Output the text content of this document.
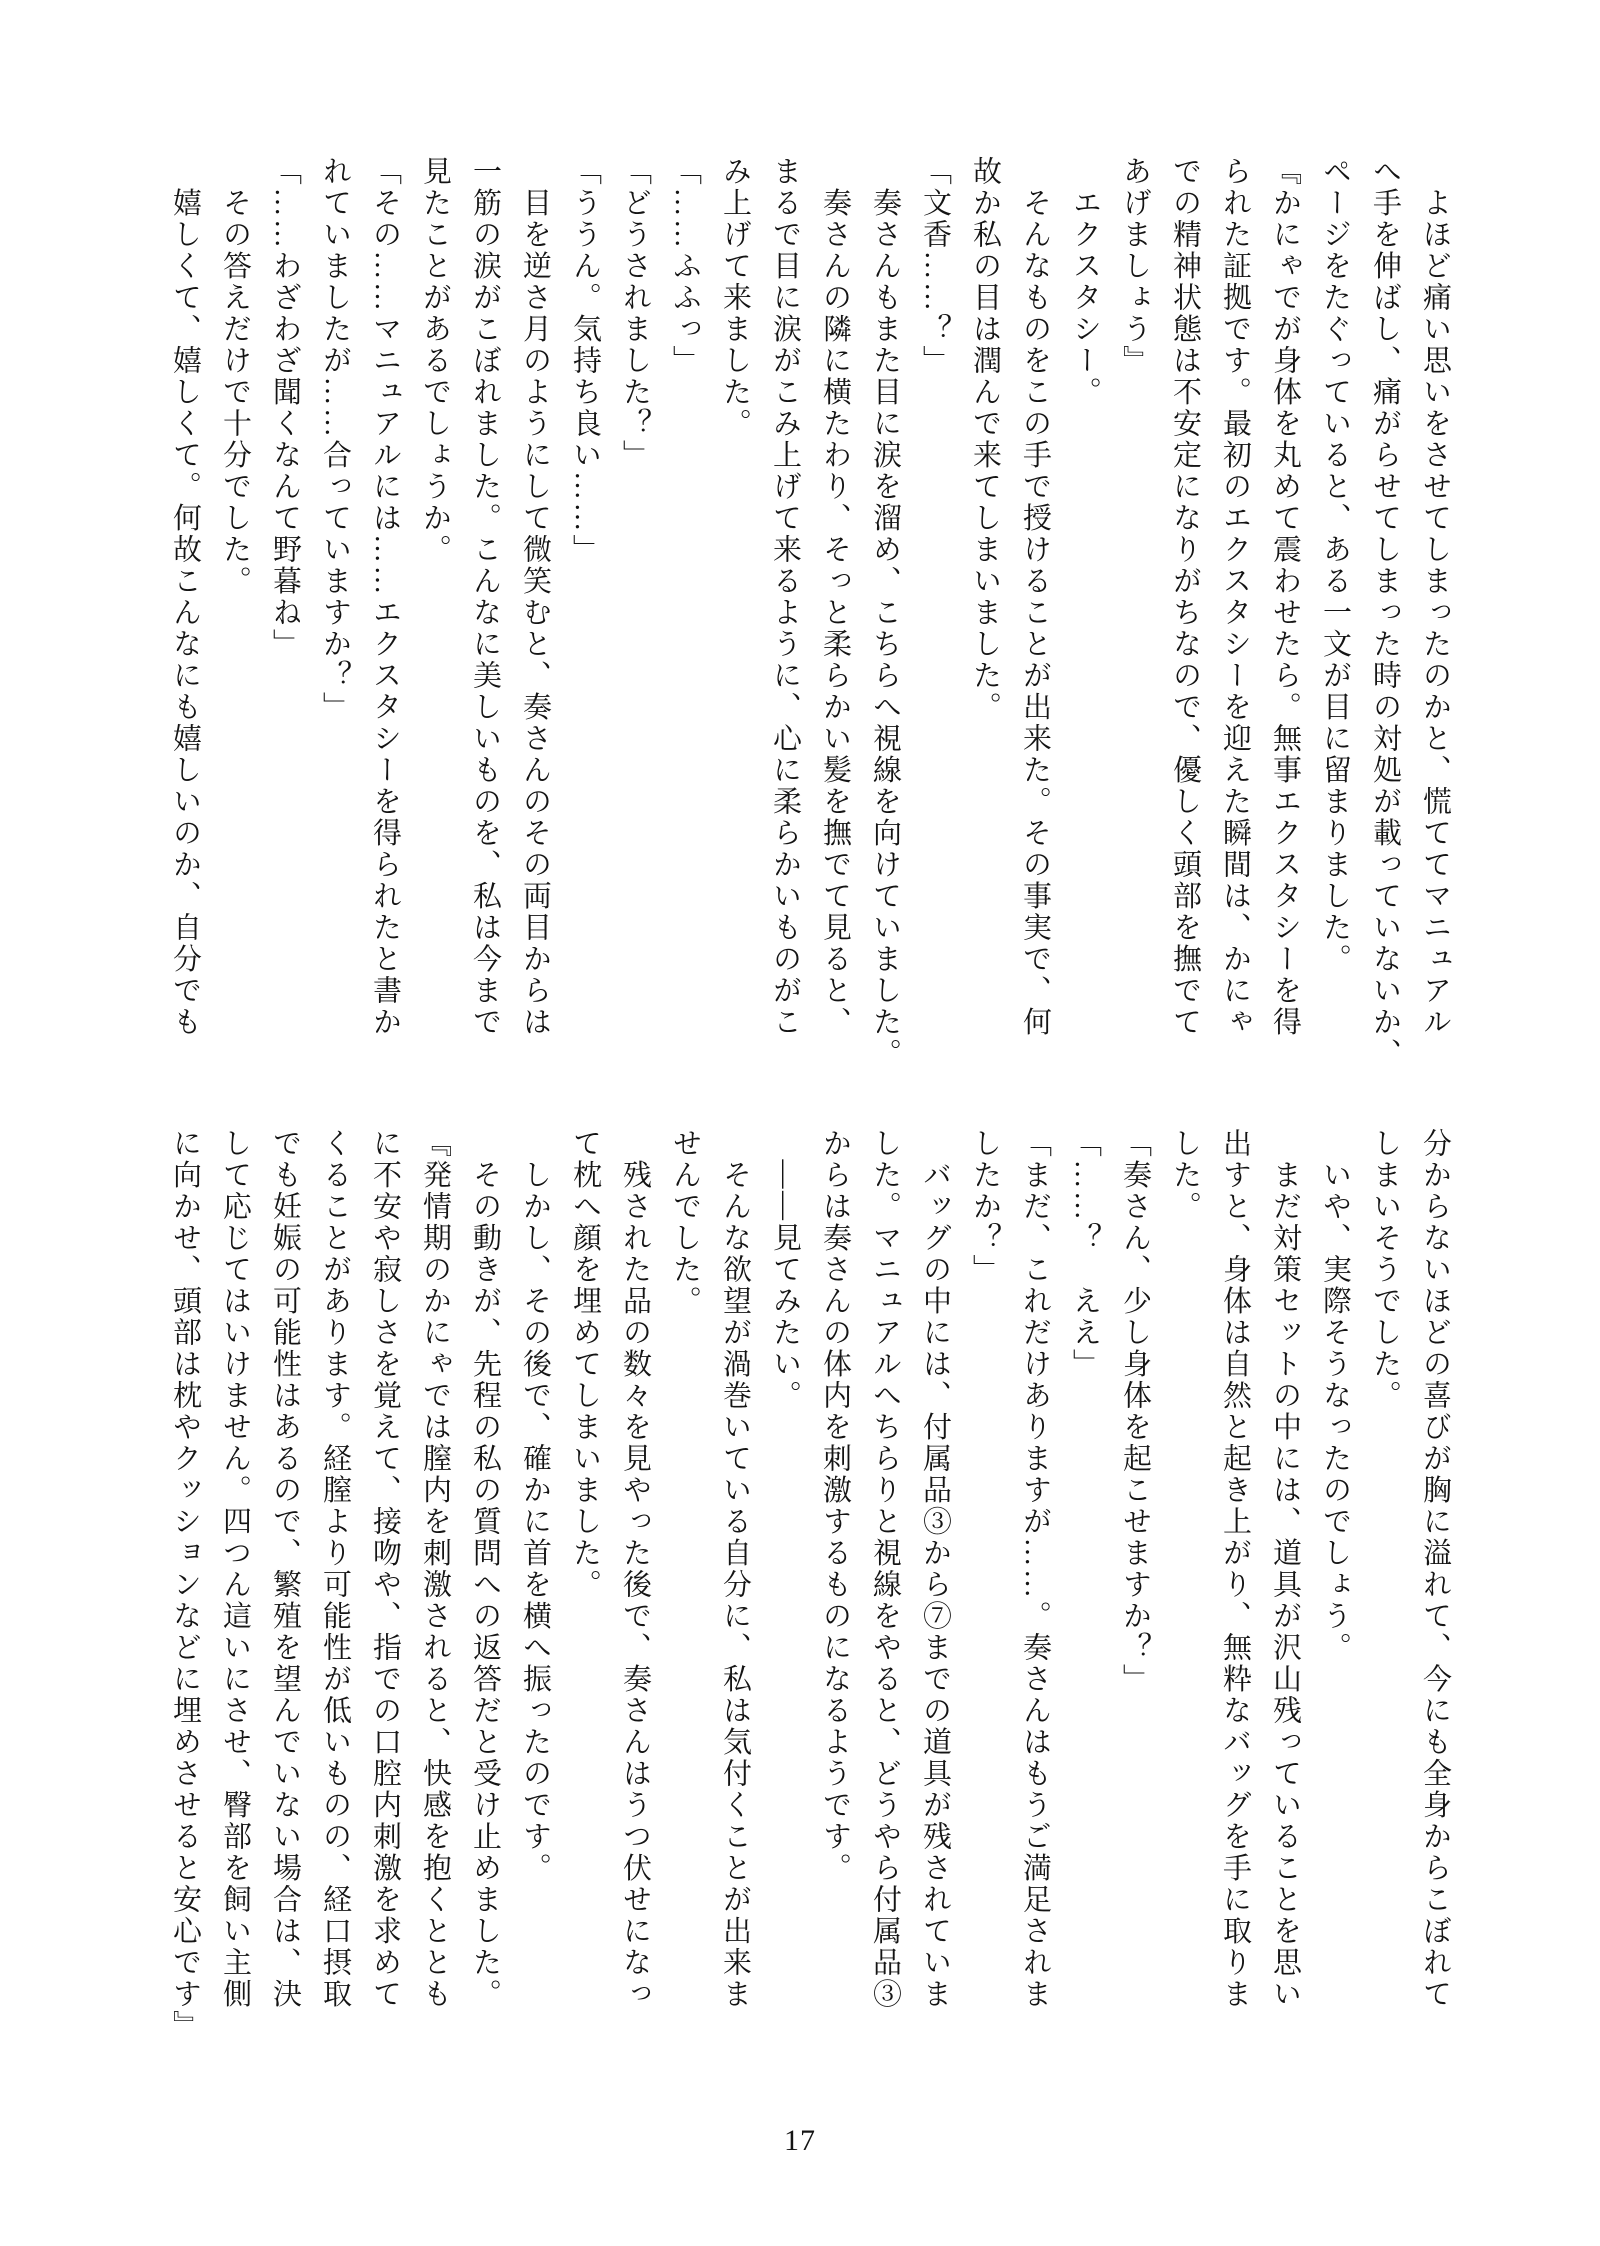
　よほど痛い思いをさせてしまったのかと、慌ててマニュアル

へ手を伸ばし、痛がらせてしまった時の対処が載っていないか、

ページをたぐっていると、ある一文が目に留まりました。

『かにゃでが身体を丸めて震わせたら。無事エクスタシーを得

られた証拠です。最初のエクスタシーを迎えた瞬間は、かにゃ

での精神状態は不安定になりがちなので、優しく頭部を撫でて

あげましょう』

　エクスタシー。

　そんなものをこの手で授けることが出来た。その事実で、何

故か私の目は潤んで来てしまいました。

「文香……？」

　奏さんもまた目に涙を溜め、こちらへ視線を向けていました。

　奏さんの隣に横たわり、そっと柔らかい髪を撫でて見ると、

まるで目に涙がこみ上げて来るように、心に柔らかいものがこ

み上げて来ました。

「……ふふっ」

「どうされました？」

「ううん。気持ち良い……」

　目を逆さ月のようにして微笑むと、奏さんのその両目からは

一筋の涙がこぼれました。こんなに美しいものを、私は今まで

見たことがあるでしょうか。

「その……マニュアルには……エクスタシーを得られたと書か

れていましたが……合っていますか？」

「……わざわざ聞くなんて野暮ね」

　その答えだけで十分でした。

　嬉しくて、嬉しくて。何故こんなにも嬉しいのか、自分でも

分からないほどの喜びが胸に溢れて、今にも全身からこぼれて

しまいそうでした。

　いや、実際そうなったのでしょう。

　まだ対策セットの中には、道具が沢山残っていることを思い

出すと、身体は自然と起き上がり、無粋なバッグを手に取りま

した。

「奏さん、少し身体を起こせますか？」

「……？　ええ」

「まだ、これだけありますが……。奏さんはもうご満足されま

したか？」

　バッグの中には、付属品③から⑦までの道具が残されていま

した。マニュアルへちらりと視線をやると、どうやら付属品③

からは奏さんの体内を刺激するものになるようです。

　――見てみたい。

　そんな欲望が渦巻いている自分に、私は気付くことが出来ま

せんでした。

　残された品の数々を見やった後で、奏さんはうつ伏せになっ

て枕へ顔を埋めてしまいました。

　しかし、その後で、確かに首を横へ振ったのです。

　その動きが、先程の私の質問への返答だと受け止めました。

『発情期のかにゃでは膣内を刺激されると、快感を抱くととも

に不安や寂しさを覚えて、接吻や、指での口腔内刺激を求めて

くることがあります。経膣より可能性が低いものの、経口摂取

でも妊娠の可能性はあるので、繁殖を望んでいない場合は、決

して応じてはいけません。四つん這いにさせ、臀部を飼い主側

に向かせ、頭部は枕やクッションなどに埋めさせると安心です』

17
